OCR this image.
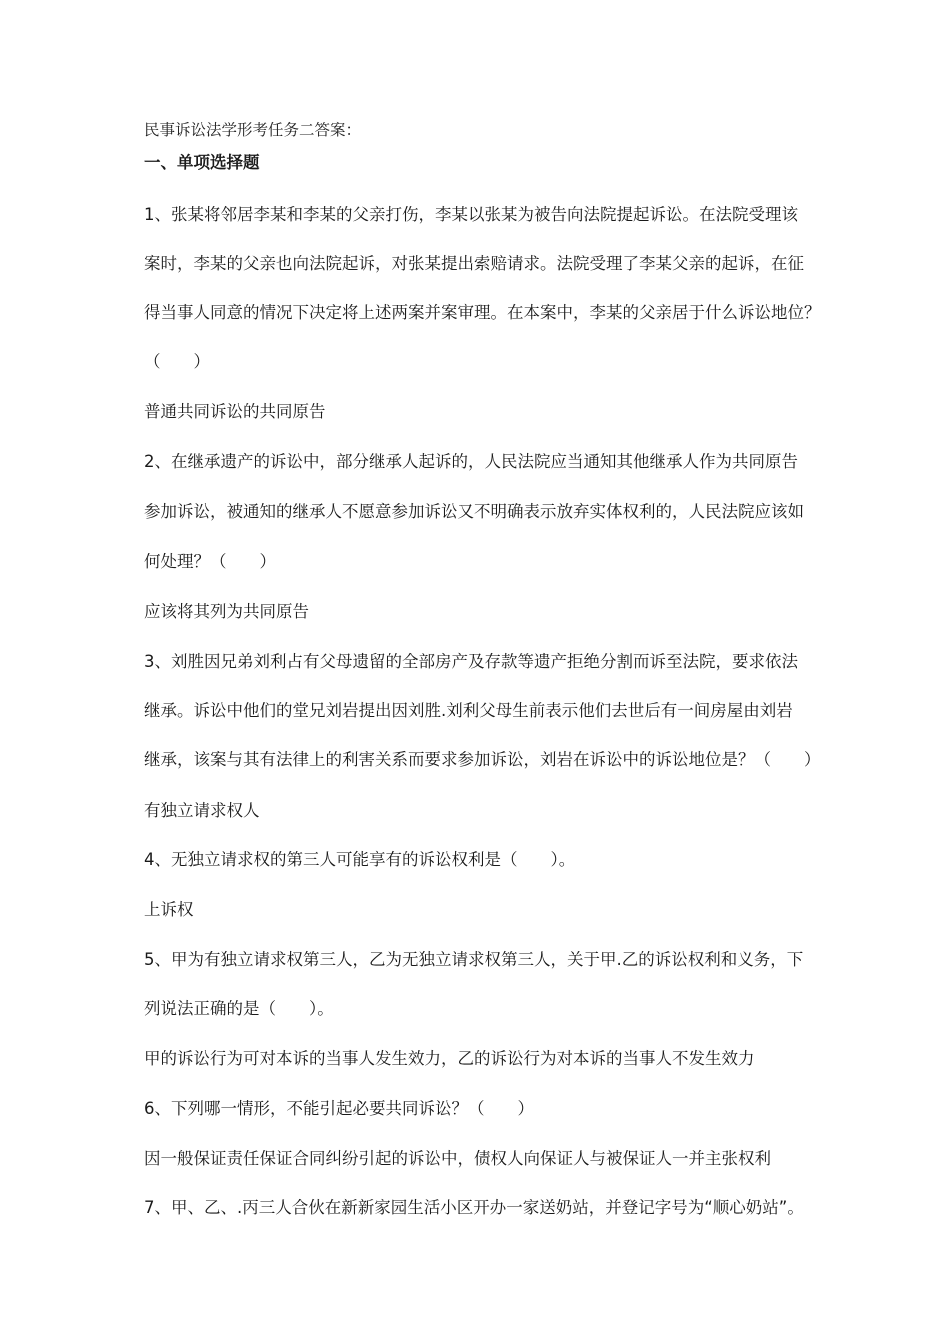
民事诉讼法学形考任务二答案：
一、单项选择题
1、张某将邻居李某和李某的父亲打伤，李某以张某为被告向法院提起诉讼。在法院受理该
案时，李某的父亲也向法院起诉，对张某提出索赔请求。法院受理了李某父亲的起诉，在征
得当事人同意的情况下决定将上述两案并案审理。在本案中，李某的父亲居于什么诉讼地位？
（　　）
普通共同诉讼的共同原告
2、在继承遗产的诉讼中，部分继承人起诉的，人民法院应当通知其他继承人作为共同原告
参加诉讼，被通知的继承人不愿意参加诉讼又不明确表示放弃实体权利的，人民法院应该如
何处理？（　　）
应该将其列为共同原告
3、刘胜因兄弟刘利占有父母遗留的全部房产及存款等遗产拒绝分割而诉至法院，要求依法
继承。诉讼中他们的堂兄刘岩提出因刘胜.刘利父母生前表示他们去世后有一间房屋由刘岩
继承，该案与其有法律上的利害关系而要求参加诉讼，刘岩在诉讼中的诉讼地位是？（　　）
有独立请求权人
4、无独立请求权的第三人可能享有的诉讼权利是（　　）。
上诉权
5、甲为有独立请求权第三人，乙为无独立请求权第三人，关于甲.乙的诉讼权利和义务，下
列说法正确的是（　　）。
甲的诉讼行为可对本诉的当事人发生效力，乙的诉讼行为对本诉的当事人不发生效力
6、下列哪一情形，不能引起必要共同诉讼？（　　）
因一般保证责任保证合同纠纷引起的诉讼中，债权人向保证人与被保证人一并主张权利
7、甲、乙、.丙三人合伙在新新家园生活小区开办一家送奶站，并登记字号为“顺心奶站”。
